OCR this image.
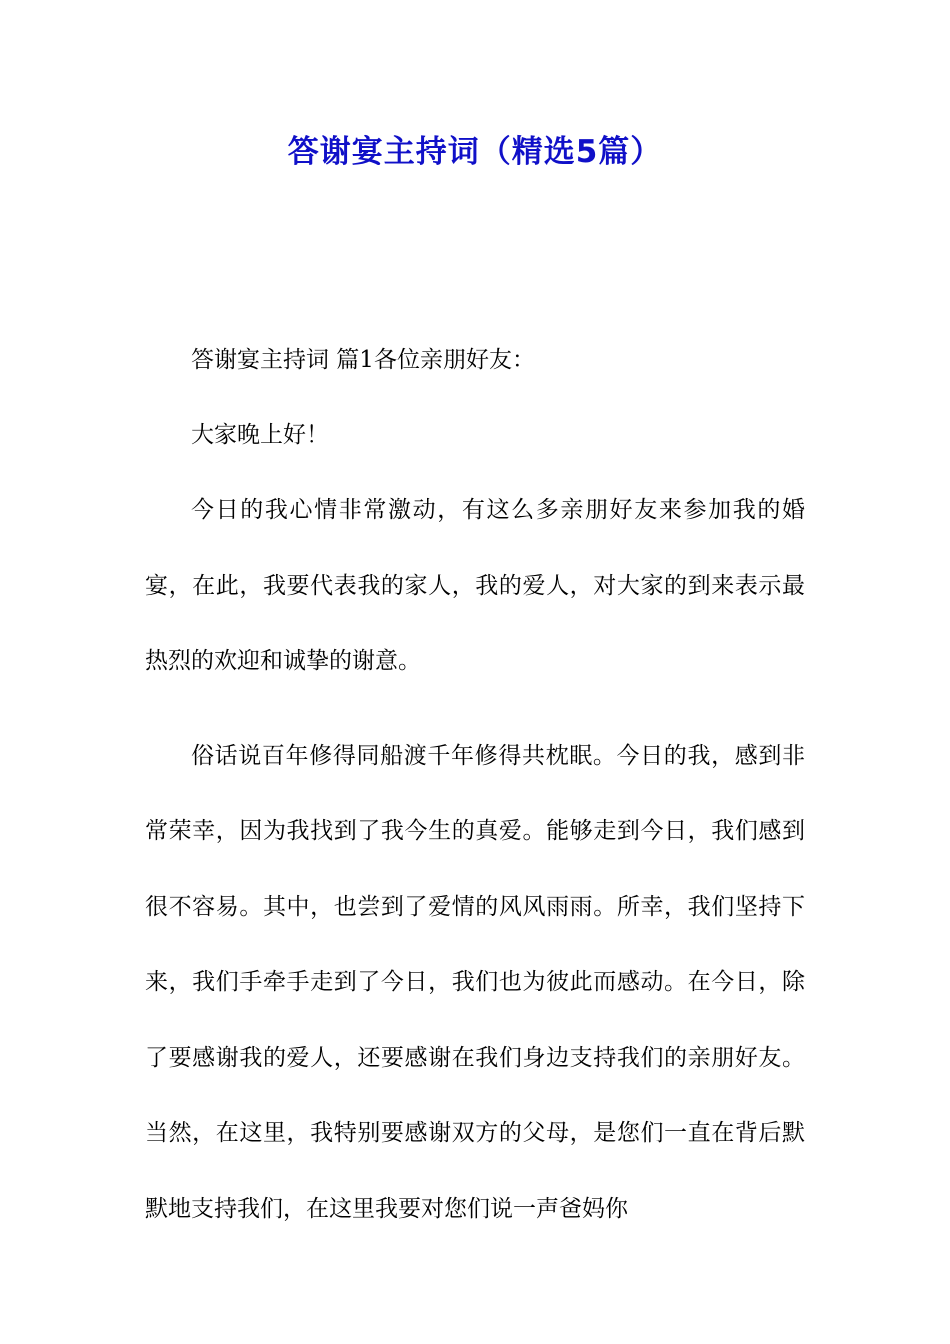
答谢宴主持词（精选5篇）

答谢宴主持词 篇1各位亲朋好友：

大家晚上好！

今日的我心情非常激动，有这么多亲朋好友来参加我的婚宴，在此，我要代表我的家人，我的爱人，对大家的到来表示最热烈的欢迎和诚挚的谢意。

俗话说百年修得同船渡千年修得共枕眠。今日的我，感到非常荣幸，因为我找到了我今生的真爱。能够走到今日，我们感到很不容易。其中，也尝到了爱情的风风雨雨。所幸，我们坚持下来，我们手牵手走到了今日，我们也为彼此而感动。在今日，除了要感谢我的爱人，还要感谢在我们身边支持我们的亲朋好友。当然，在这里，我特别要感谢双方的父母，是您们一直在背后默默地支持我们，在这里我要对您们说一声爸妈你
